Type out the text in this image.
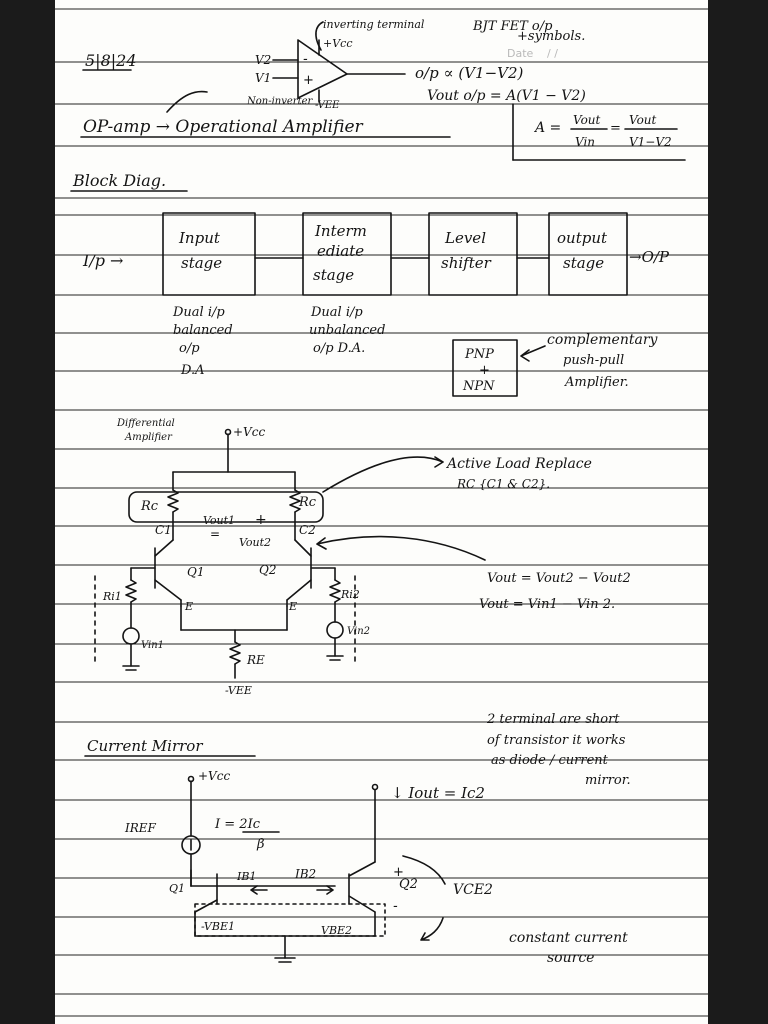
5|8|24
BJT FET o/p
+symbols.
Date / /
-
+
inverting terminal
+Vcc
V2
V1
Non-inverter -VEE
o/p ∝ (V1−V2)
Vout o/p = A(V1 − V2)
OP-amp → Operational Amplifier	A = Vout
Vin
=
Vout
V1−V2
Block Diag.
I/p →
Input
stage
Interm
ediate
stage
Level
shifter
output
stage →O/P
Dual i/p
balanced
o/p
D.A
Dual i/p
unbalanced
o/p D.A.	PNP
+
NPN
complementary
push-pull
Amplifier.
Differential
Amplifier	+Vcc
Rc	Rc
C1	C2
Vout1
Vout2
=
+
Q1	Q2
E	E
Ri1	Ri2
Vin1
Vin2
RE
-VEE
Active Load Replace
RC {C1 & C2}.
Vout = Vout2 − Vout2
Vout = Vin1 − Vin 2.
Current Mirror
2 terminal are short
of transistor it works
as diode / current
mirror.
+Vcc
↓ Iout = Ic2
IREF	I = 2Ic
β
IB1	IB2
Q1	Q2	VCE2
+
-
-VBE1	VBE2	constant current
source
